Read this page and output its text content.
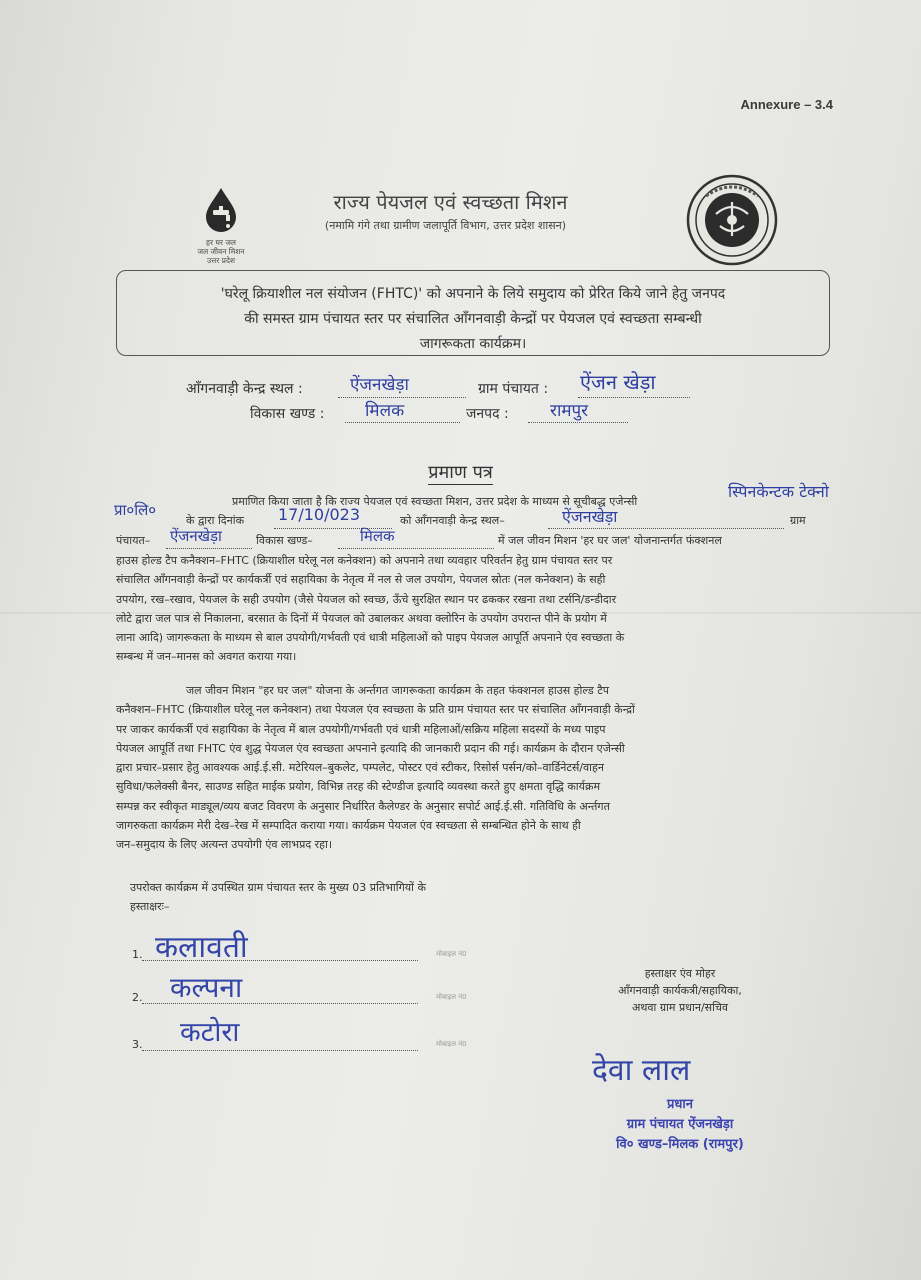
Annexure – 3.4
हर घर जल
जल जीवन मिशन
उत्तर प्रदेश
राज्य पेयजल एवं स्वच्छता मिशन
(नमामि गंगे तथा ग्रामीण जलापूर्ति विभाग, उत्तर प्रदेश शासन)
'घरेलू क्रियाशील नल संयोजन (FHTC)' को अपनाने के लिये समुदाय को प्रेरित किये जाने हेतु जनपद
की समस्त ग्राम पंचायत स्तर पर संचालित आँगनवाड़ी केन्द्रों पर पेयजल एवं स्वच्छता सम्बन्धी
जागरूकता कार्यक्रम।
आँगनवाड़ी केन्द्र स्थल :	ऐंजनखेड़ा	ग्राम पंचायत : ऐंजन खेड़ा
विकास खण्ड : मिलक	जनपद : रामपुर
प्रमाण पत्र
प्रमाणित किया जाता है कि राज्य पेयजल एवं स्वच्छता मिशन, उत्तर प्रदेश के माध्यम से सूचीबद्ध एजेन्सी
स्पिनकेन्टक टेक्नो
प्रा०लि०
के द्वारा दिनांक 17/10/023	को आँगनवाड़ी केन्द्र स्थल–	ऐंजनखेड़ा	ग्राम
पंचायत– ऐंजनखेड़ा	विकास खण्ड–	मिलक	में जल जीवन मिशन 'हर घर जल' योजनान्तर्गत फंक्शनल
हाउस होल्ड टैप कनैक्शन–FHTC (क्रियाशील घरेलू नल कनेक्शन) को अपनाने तथा व्यवहार परिवर्तन हेतु ग्राम पंचायत स्तर पर
संचालित आँगनवाड़ी केन्द्रों पर कार्यकर्त्री एवं सहायिका के नेतृत्व में नल से जल उपयोग, पेयजल स्रोतः (नल कनेक्शन) के सही
उपयोग, रख–रखाव, पेयजल के सही उपयोग (जैसे पेयजल को स्वच्छ, ऊँचे सुरक्षित स्थान पर ढककर रखना तथा टर्सनि/डन्डीदार
लोटे द्वारा जल पात्र से निकालना, बरसात के दिनों में पेयजल को उबालकर अथवा क्लोरिन के उपयोग उपरान्त पीने के प्रयोग में
लाना आदि) जागरूकता के माध्यम से बाल उपयोगी/गर्भवती एवं धात्री महिलाओं को पाइप पेयजल आपूर्ति अपनाने एंव स्वच्छता के
सम्बन्ध में जन–मानस को अवगत कराया गया।
जल जीवन मिशन "हर घर जल" योजना के अर्न्तगत जागरूकता कार्यक्रम के तहत फंक्शनल हाउस होल्ड टैप
कनैक्शन–FHTC (क्रियाशील घरेलू नल कनेक्शन) तथा पेयजल एंव स्वच्छता के प्रति ग्राम पंचायत स्तर पर संचालित आँगनवाड़ी केन्द्रों
पर जाकर कार्यकर्त्री एवं सहायिका के नेतृत्व में बाल उपयोगी/गर्भवती एवं धात्री महिलाओं/सक्रिय महिला सदस्यों के मध्य पाइप
पेयजल आपूर्ति तथा FHTC एंव शुद्ध पेयजल एंव स्वच्छता अपनाने इत्यादि की जानकारी प्रदान की गई। कार्यक्रम के दौरान एजेन्सी
द्वारा प्रचार–प्रसार हेतु आवश्यक आई.ई.सी. मटेरियल–बुकलेट, पम्पलेट, पोस्टर एवं स्टीकर, रिसोर्स पर्सन/को–वार्डिनेटर्स/वाहन
सुविधा/फलेक्सी बैनर, साउण्ड सहित माईक प्रयोग, विभिन्न तरह की स्टेण्डीज इत्यादि व्यवस्था करते हुए क्षमता वृद्धि कार्यक्रम
सम्पन्न कर स्वीकृत माड्यूल/व्यय बजट विवरण के अनुसार निर्धारित कैलेण्डर के अनुसार सपोर्ट आई.ई.सी. गतिविधि के अर्न्तगत
जागरुकता कार्यक्रम मेरी देख–रेख में सम्पादित कराया गया। कार्यक्रम पेयजल एंव स्वच्छता से सम्बन्धित होने के साथ ही
जन–समुदाय के लिए अत्यन्त उपयोगी एंव लाभप्रद रहा।
उपरोक्त कार्यक्रम में उपस्थित ग्राम पंचायत स्तर के मुख्य 03 प्रतिभागियों के
हस्ताक्षरः–
1. कलावती	मोबाइल नं0
2. कल्पना	मोबाइल नं0
3. कटोरा	मोबाइल नं0
हस्ताक्षर एंव मोहर
आँगनवाड़ी कार्यकत्री/सहायिका,
अथवा ग्राम प्रधान/सचिव
देवा लाल
प्रधान
ग्राम पंचायत ऐंजनखेड़ा
वि० खण्ड–मिलक (रामपुर)
